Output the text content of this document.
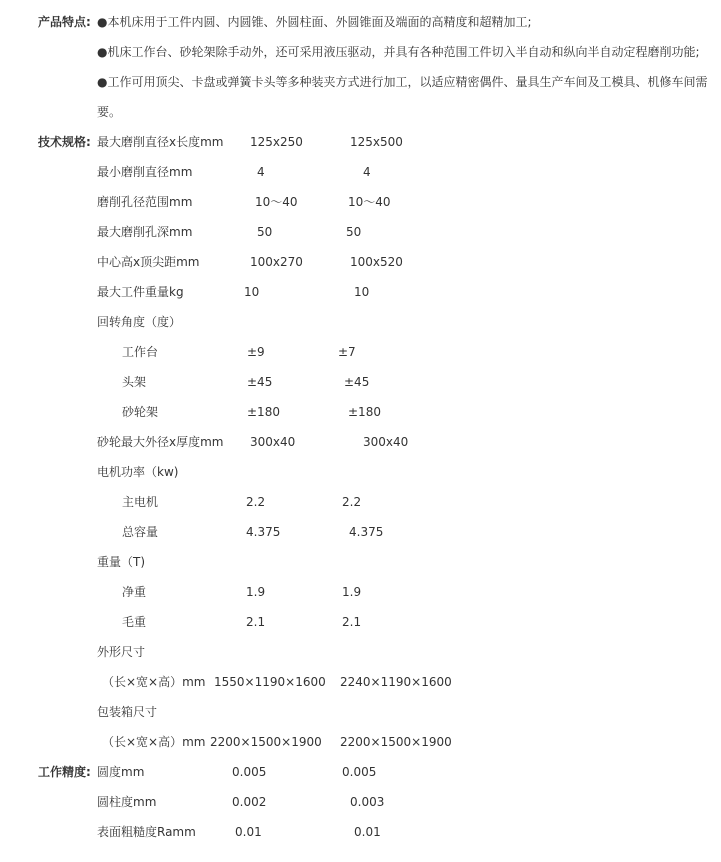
产品特点: ●本机床用于工件内圆、内圆锥、外圆柱面、外圆锥面及端面的高精度和超精加工;
●机床工作台、砂轮架除手动外，还可采用液压驱动，并具有各种范围工件切入半自动和纵向半自动定程磨削功能;
●工作可用顶尖、卡盘或弹簧卡头等多种装夹方式进行加工，以适应精密偶件、量具生产车间及工模具、机修车间需
要。
技术规格: 最大磨削直径x长度mm 125x250	125x500
最小磨削直径mm	4	4
磨削孔径范围mm	10～40	10～40
最大磨削孔深mm	50	50
中心高x顶尖距mm	100x270	100x520
最大工件重量kg	10	10
回转角度（度）
工作台	±9	±7
头架	±45	±45
砂轮架	±180	±180
砂轮最大外径x厚度mm 300x40	300x40
电机功率（kw)
主电机	2.2	2.2
总容量	4.375	4.375
重量（T)
净重	1.9	1.9
毛重	2.1	2.1
外形尺寸
（长×宽×高）mm 1550×1190×1600 2240×1190×1600
包装箱尺寸
（长×宽×高）mm 2200×1500×1900 2200×1500×1900
工作精度: 圆度mm	0.005	0.005
圆柱度mm	0.002	0.003
表面粗糙度Ramm	0.01	0.01
